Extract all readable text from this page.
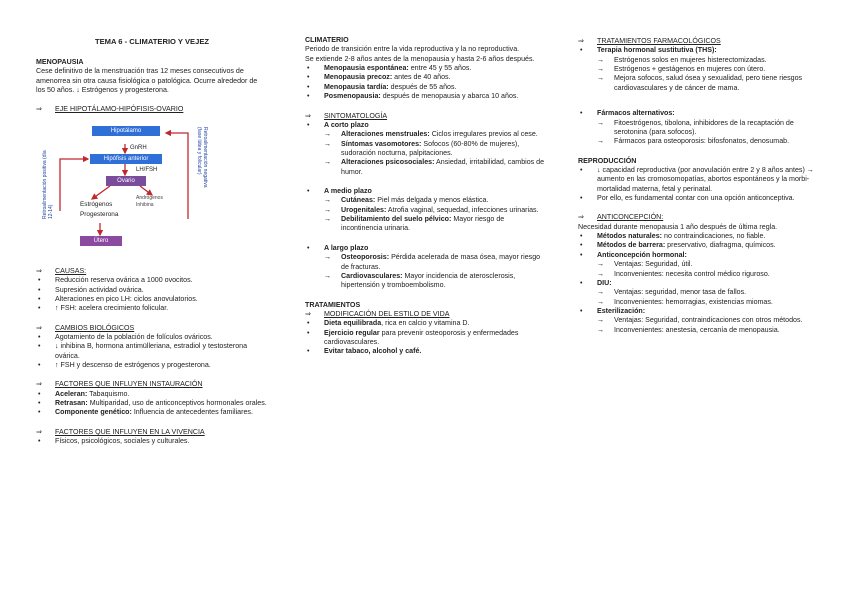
TEMA 6 - CLIMATERIO Y VEJEZ
MENOPAUSIA
Cese definitivo de la menstruación tras 12 meses consecutivos de amenorrea sin otra causa fisiológica o patológica. Ocurre alrededor de los 50 años. ↓ Estrógenos y progesterona.
⇒	EJE HIPOTÁLAMO-HIPÓFISIS-OVARIO
Retroalimentación positiva (día 12-14)
Retroalimentación negativa (fase lútea y folicular)
Hipotálamo
GnRH
Hipófisis anterior
LH/FSH
Ovario
Estrógenos
Progesterona
Andrógenos
Inhibina
Útero
⇒	CAUSAS:
• Reducción reserva ovárica a 1000 ovocitos.
• Supresión actividad ovárica.
• Alteraciones en pico LH: ciclos anovulatorios.
• ↑ FSH: acelera crecimiento folicular.
⇒	CAMBIOS BIOLÓGICOS
• Agotamiento de la población de folículos ováricos.
• ↓ inhibina B, hormona antimülleriana, estradiol y testosterona ovárica.
• ↑ FSH y descenso de estrógenos y progesterona.
⇒	FACTORES QUE INFLUYEN INSTAURACIÓN
• Aceleran: Tabaquismo.
• Retrasan: Multiparidad, uso de anticonceptivos hormonales orales.
• Componente genético: Influencia de antecedentes familiares.
⇒	FACTORES QUE INFLUYEN EN LA VIVENCIA
• Físicos, psicológicos, sociales y culturales.
CLIMATERIO
Periodo de transición entre la vida reproductiva y la no reproductiva.
Se extiende 2-8 años antes de la menopausia y hasta 2-6 años después.
• Menopausia espontánea: entre 45 y 55 años.
• Menopausia precoz: antes de 40 años.
• Menopausia tardía: después de 55 años.
• Posmenopausia: después de menopausia y abarca 10 años.
⇒	SINTOMATOLOGÍA
• A corto plazo
→ Alteraciones menstruales: Ciclos irregulares previos al cese.
→ Síntomas vasomotores: Sofocos (60-80% de mujeres), sudoración nocturna, palpitaciones.
→ Alteraciones psicosociales: Ansiedad, irritabilidad, cambios de humor.
• A medio plazo
→ Cutáneas: Piel más delgada y menos elástica.
→ Urogenitales: Atrofia vaginal, sequedad, infecciones urinarias.
→ Debilitamiento del suelo pélvico: Mayor riesgo de incontinencia urinaria.
• A largo plazo
→ Osteoporosis: Pérdida acelerada de masa ósea, mayor riesgo de fracturas.
→ Cardiovasculares: Mayor incidencia de aterosclerosis, hipertensión y tromboembolismo.
TRATAMIENTOS
⇒	MODIFICACIÓN DEL ESTILO DE VIDA
• Dieta equilibrada, rica en calcio y vitamina D.
• Ejercicio regular para prevenir osteoporosis y enfermedades cardiovasculares.
• Evitar tabaco, alcohol y café.
⇒	TRATAMIENTOS FARMACOLÓGICOS
• Terapia hormonal sustitutiva (THS):
→ Estrógenos solos en mujeres histerectomizadas.
→ Estrógenos + gestágenos en mujeres con útero.
→ Mejora sofocos, salud ósea y sexualidad, pero tiene riesgos cardiovasculares y de cáncer de mama.
• Fármacos alternativos:
→ Fitoestrógenos, tibolona, inhibidores de la recaptación de serotonina (para sofocos).
→ Fármacos para osteoporosis: bifosfonatos, denosumab.
REPRODUCCIÓN
• ↓ capacidad reproductiva (por anovulación entre 2 y 8 años antes) → aumento en las cromosomopatías, abortos espontáneos y la morbi-mortalidad materna, fetal y perinatal.
• Por ello, es fundamental contar con una opción anticonceptiva.
⇒	ANTICONCEPCIÓN:
Necesidad durante menopausia 1 año después de última regla.
• Métodos naturales: no contraindicaciones, no fiable.
• Métodos de barrera: preservativo, diafragma, químicos.
• Anticoncepción hormonal:
→ Ventajas: Seguridad, útil.
→ Inconvenientes: necesita control médico riguroso.
• DIU:
→ Ventajas: seguridad, menor tasa de fallos.
→ Inconvenientes: hemorragias, existencias miomas.
• Esterilización:
→ Ventajas: Seguridad, contraindicaciones con otros métodos.
→ Inconvenientes: anestesia, cercanía de menopausia.
